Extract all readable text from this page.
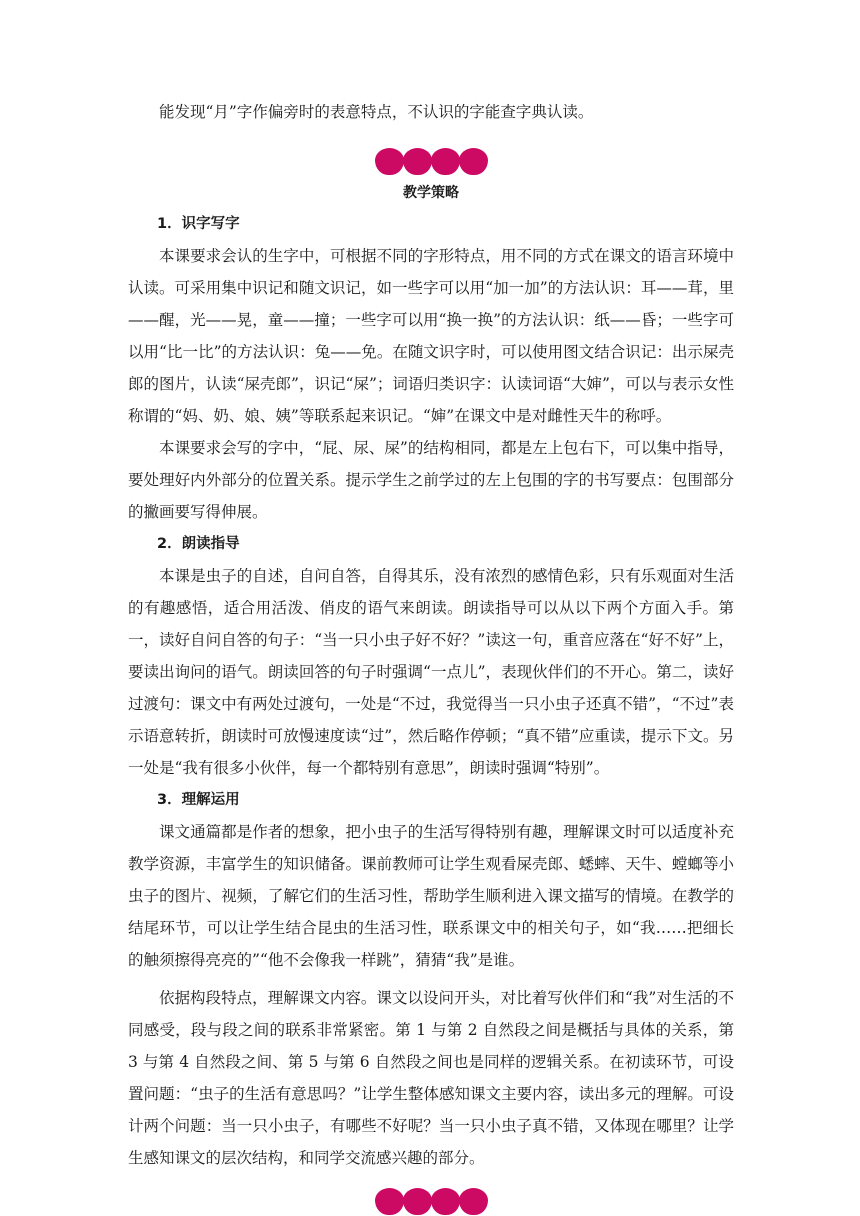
能发现“月”字作偏旁时的表意特点，不认识的字能查字典认读。

教学策略
1．识字写字

本课要求会认的生字中，可根据不同的字形特点，用不同的方式在课文的语言环境中认读。可采用集中识记和随文识记，如一些字可以用“加一加”的方法认识：耳——茸，里——醒，光——晃，童——撞；一些字可以用“换一换”的方法认识：纸——昏；一些字可以用“比一比”的方法认识：兔——免。在随文识字时，可以使用图文结合识记：出示屎壳郎的图片，认读“屎壳郎”，识记“屎”；词语归类识字：认读词语“大婶”，可以与表示女性称谓的“妈、奶、娘、姨”等联系起来识记。“婶”在课文中是对雌性天牛的称呼。

本课要求会写的字中，“屁、尿、屎”的结构相同，都是左上包右下，可以集中指导，要处理好内外部分的位置关系。提示学生之前学过的左上包围的字的书写要点：包围部分的撇画要写得伸展。

2．朗读指导

本课是虫子的自述，自问自答，自得其乐，没有浓烈的感情色彩，只有乐观面对生活的有趣感悟，适合用活泼、俏皮的语气来朗读。朗读指导可以从以下两个方面入手。第一，读好自问自答的句子：“当一只小虫子好不好？”读这一句，重音应落在“好不好”上，要读出询问的语气。朗读回答的句子时强调“一点儿”，表现伙伴们的不开心。第二，读好过渡句：课文中有两处过渡句，一处是“不过，我觉得当一只小虫子还真不错”，“不过”表示语意转折，朗读时可放慢速度读“过”，然后略作停顿；“真不错”应重读，提示下文。另一处是“我有很多小伙伴，每一个都特别有意思”，朗读时强调“特别”。

3．理解运用

课文通篇都是作者的想象，把小虫子的生活写得特别有趣，理解课文时可以适度补充教学资源，丰富学生的知识储备。课前教师可让学生观看屎壳郎、蟋蟀、天牛、螳螂等小虫子的图片、视频，了解它们的生活习性，帮助学生顺利进入课文描写的情境。在教学的结尾环节，可以让学生结合昆虫的生活习性，联系课文中的相关句子，如“我……把细长的触须擦得亮亮的”“他不会像我一样跳”，猜猜“我”是谁。

依据构段特点，理解课文内容。课文以设问开头，对比着写伙伴们和“我”对生活的不同感受，段与段之间的联系非常紧密。第 1 与第 2 自然段之间是概括与具体的关系，第 3 与第 4 自然段之间、第 5 与第 6 自然段之间也是同样的逻辑关系。在初读环节，可设置问题：“虫子的生活有意思吗？”让学生整体感知课文主要内容，读出多元的理解。可设计两个问题：当一只小虫子，有哪些不好呢？当一只小虫子真不错，又体现在哪里？让学生感知课文的层次结构，和同学交流感兴趣的部分。
